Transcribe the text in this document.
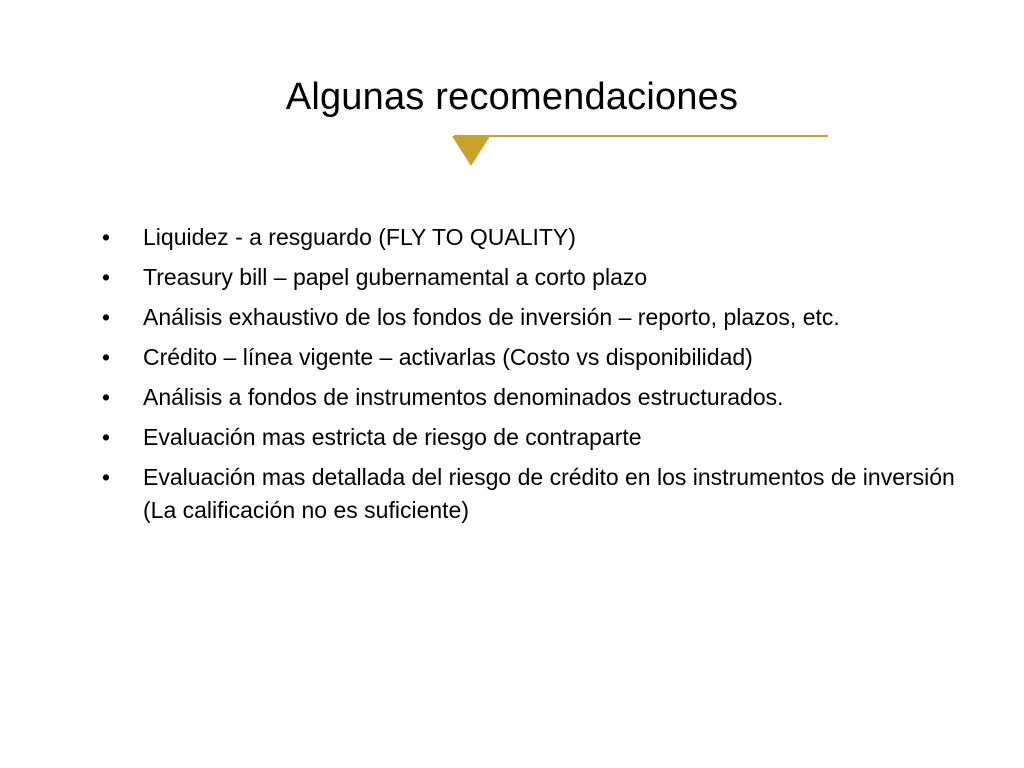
Algunas recomendaciones
•	Liquidez - a resguardo (FLY TO QUALITY)
•	Treasury bill – papel gubernamental a corto plazo
•	Análisis exhaustivo de los fondos de inversión – reporto, plazos, etc.
•	Crédito – línea vigente – activarlas (Costo vs disponibilidad)
•	Análisis a fondos de instrumentos denominados estructurados.
•	Evaluación mas estricta de riesgo de contraparte
•	Evaluación mas detallada del riesgo de crédito en los instrumentos de inversión (La calificación no es suficiente)
